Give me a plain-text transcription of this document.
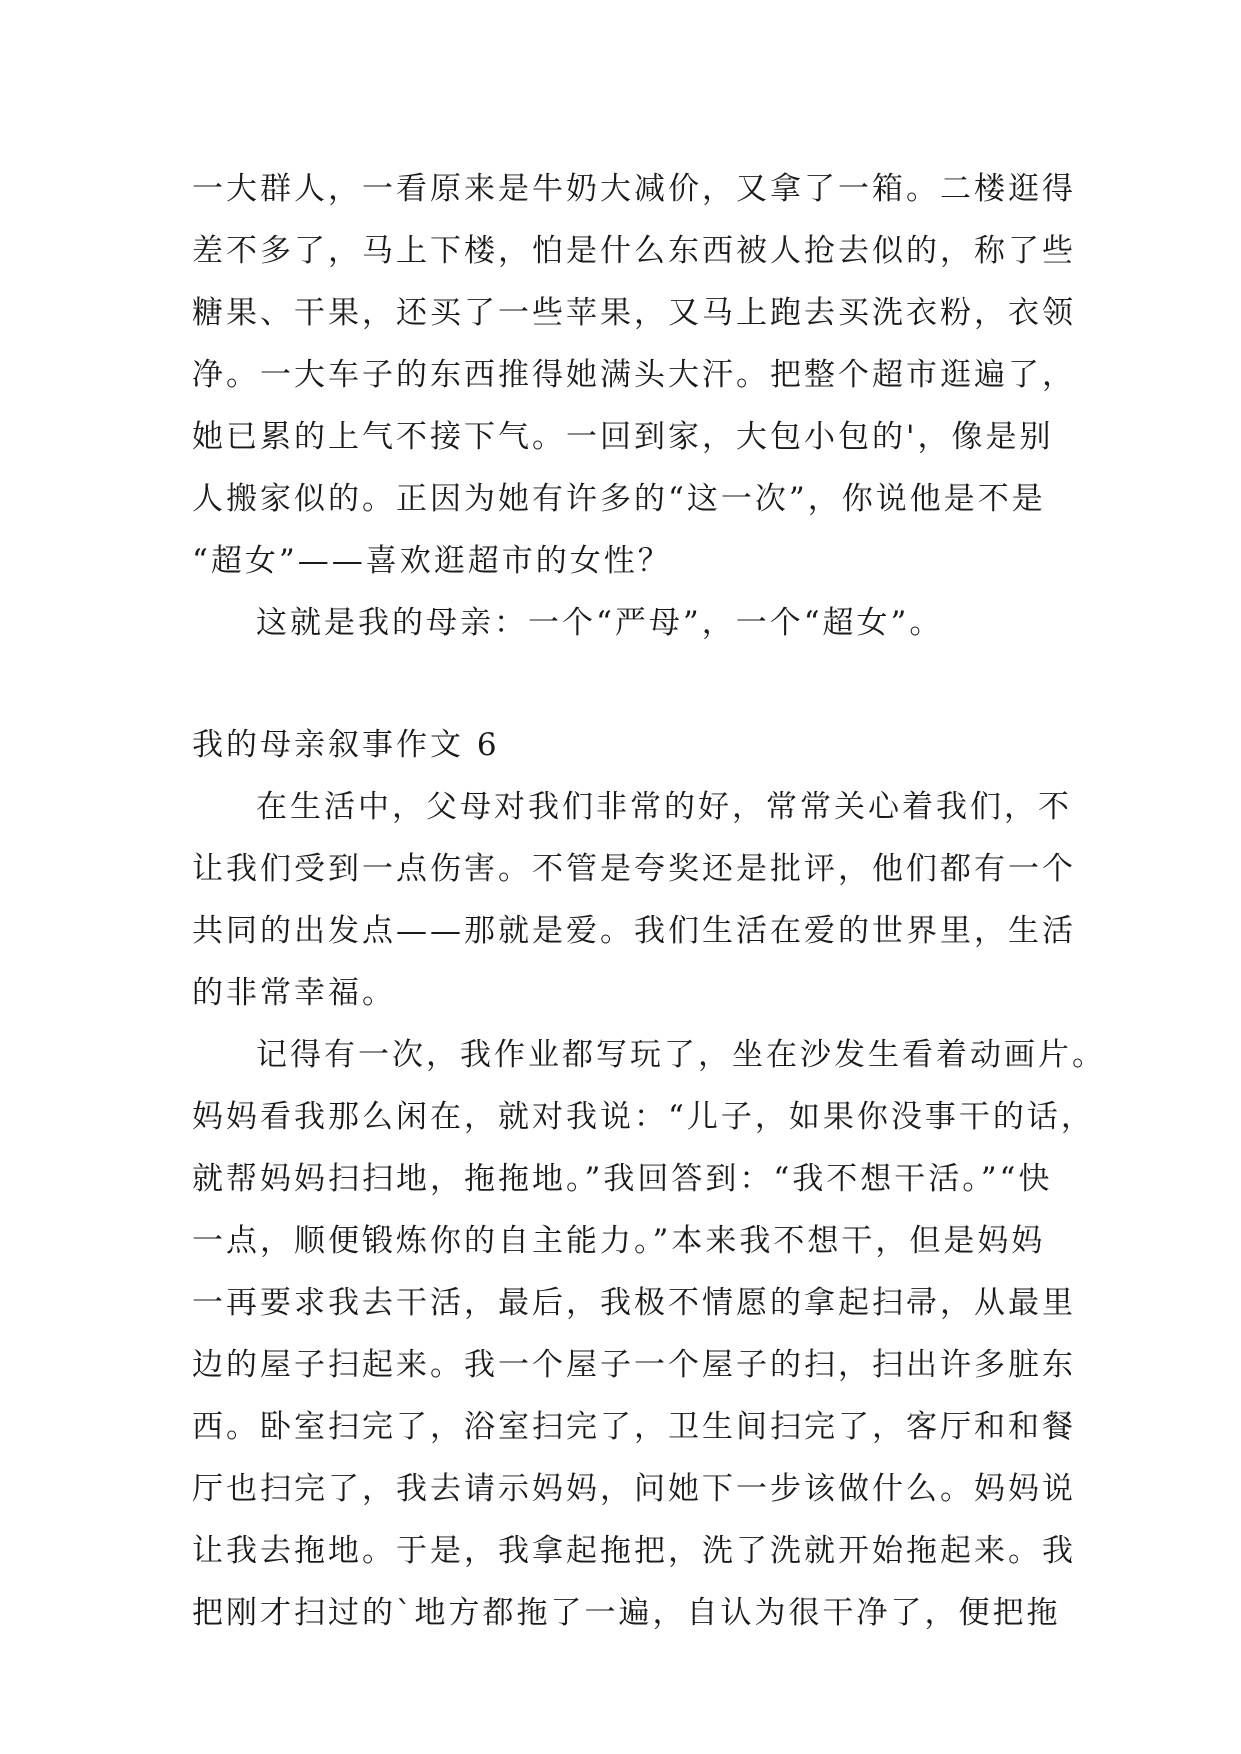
一大群人，一看原来是牛奶大减价，又拿了一箱。二楼逛得
差不多了，马上下楼，怕是什么东西被人抢去似的，称了些
糖果、干果，还买了一些苹果，又马上跑去买洗衣粉，衣领
净。一大车子的东西推得她满头大汗。把整个超市逛遍了，
她已累的上气不接下气。一回到家，大包小包的'，像是别
人搬家似的。正因为她有许多的“这一次”，你说他是不是
“超女”——喜欢逛超市的女性？
这就是我的母亲：一个“严母”，一个“超女”。
我的母亲叙事作文 6
在生活中，父母对我们非常的好，常常关心着我们，不
让我们受到一点伤害。不管是夸奖还是批评，他们都有一个
共同的出发点——那就是爱。我们生活在爱的世界里，生活
的非常幸福。
记得有一次，我作业都写玩了，坐在沙发生看着动画片。
妈妈看我那么闲在，就对我说：“儿子，如果你没事干的话，
就帮妈妈扫扫地，拖拖地。”我回答到：“我不想干活。”“快
一点，顺便锻炼你的自主能力。”本来我不想干，但是妈妈
一再要求我去干活，最后，我极不情愿的拿起扫帚，从最里
边的屋子扫起来。我一个屋子一个屋子的扫，扫出许多脏东
西。卧室扫完了，浴室扫完了，卫生间扫完了，客厅和和餐
厅也扫完了，我去请示妈妈，问她下一步该做什么。妈妈说
让我去拖地。于是，我拿起拖把，洗了洗就开始拖起来。我
把刚才扫过的`地方都拖了一遍，自认为很干净了，便把拖
